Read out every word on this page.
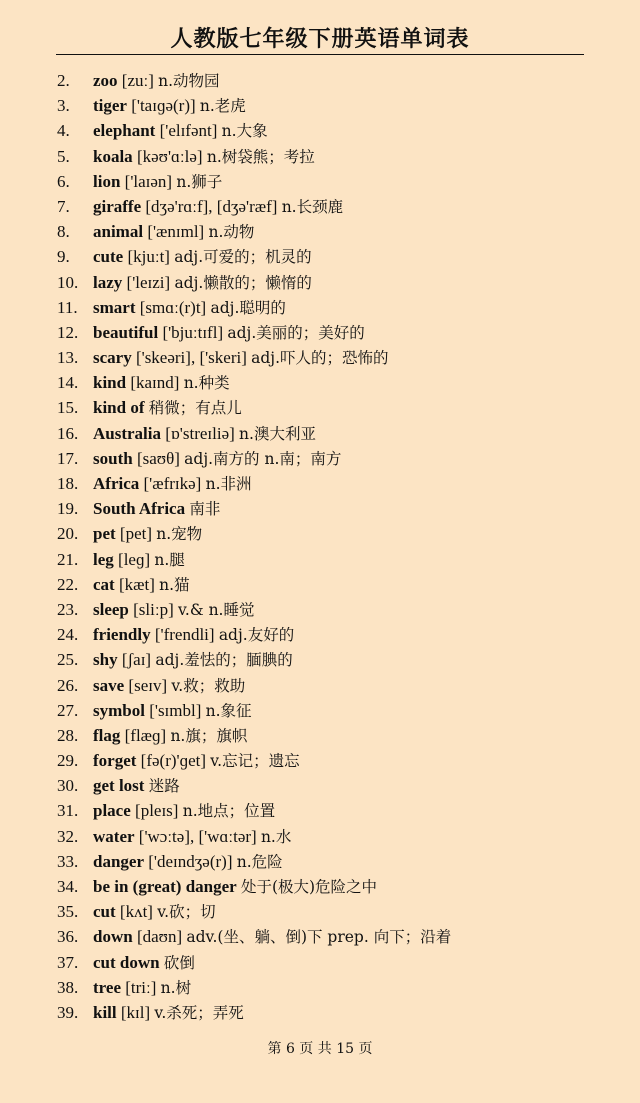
人教版七年级下册英语单词表
2.	zoo [zuː] n.动物园
3.	tiger ['taɪɡə(r)] n.老虎
4.	elephant ['elɪfənt] n.大象
5.	koala [kəʊ'ɑːlə] n.树袋熊；考拉
6.	lion ['laɪən] n.狮子
7.	giraffe [dʒə'rɑːf], [dʒə'ræf] n.长颈鹿
8.	animal ['ænɪml] n.动物
9.	cute [kjuːt] adj.可爱的；机灵的
10. lazy ['leɪzi] adj.懒散的；懒惰的
11. smart [smɑː(r)t] adj.聪明的
12. beautiful ['bjuːtɪfl] adj.美丽的；美好的
13. scary ['skeəri], ['skeri] adj.吓人的；恐怖的
14. kind [kaɪnd] n.种类
15. kind of 稍微；有点儿
16. Australia [ɒ'streɪliə] n.澳大利亚
17. south [saʊθ] adj.南方的 n.南；南方
18. Africa ['æfrɪkə] n.非洲
19. South Africa 南非
20. pet [pet] n.宠物
21. leg [leɡ] n.腿
22. cat [kæt] n.猫
23. sleep [sliːp] v.& n.睡觉
24. friendly ['frendli] adj.友好的
25. shy [ʃaɪ] adj.羞怯的；腼腆的
26. save [seɪv] v.救；救助
27. symbol ['sɪmbl] n.象征
28. flag [flæɡ] n.旗；旗帜
29. forget [fə(r)'ɡet] v.忘记；遗忘
30. get lost 迷路
31. place [pleɪs] n.地点；位置
32. water ['wɔːtə], ['wɑːtər] n.水
33. danger ['deɪndʒə(r)] n.危险
34. be in (great) danger 处于(极大)危险之中
35. cut [kʌt] v.砍；切
36. down [daʊn] adv.(坐、躺、倒)下 prep. 向下；沿着
37. cut down 砍倒
38. tree [triː] n.树
39. kill [kɪl] v.杀死；弄死
第 6 页 共 15 页
